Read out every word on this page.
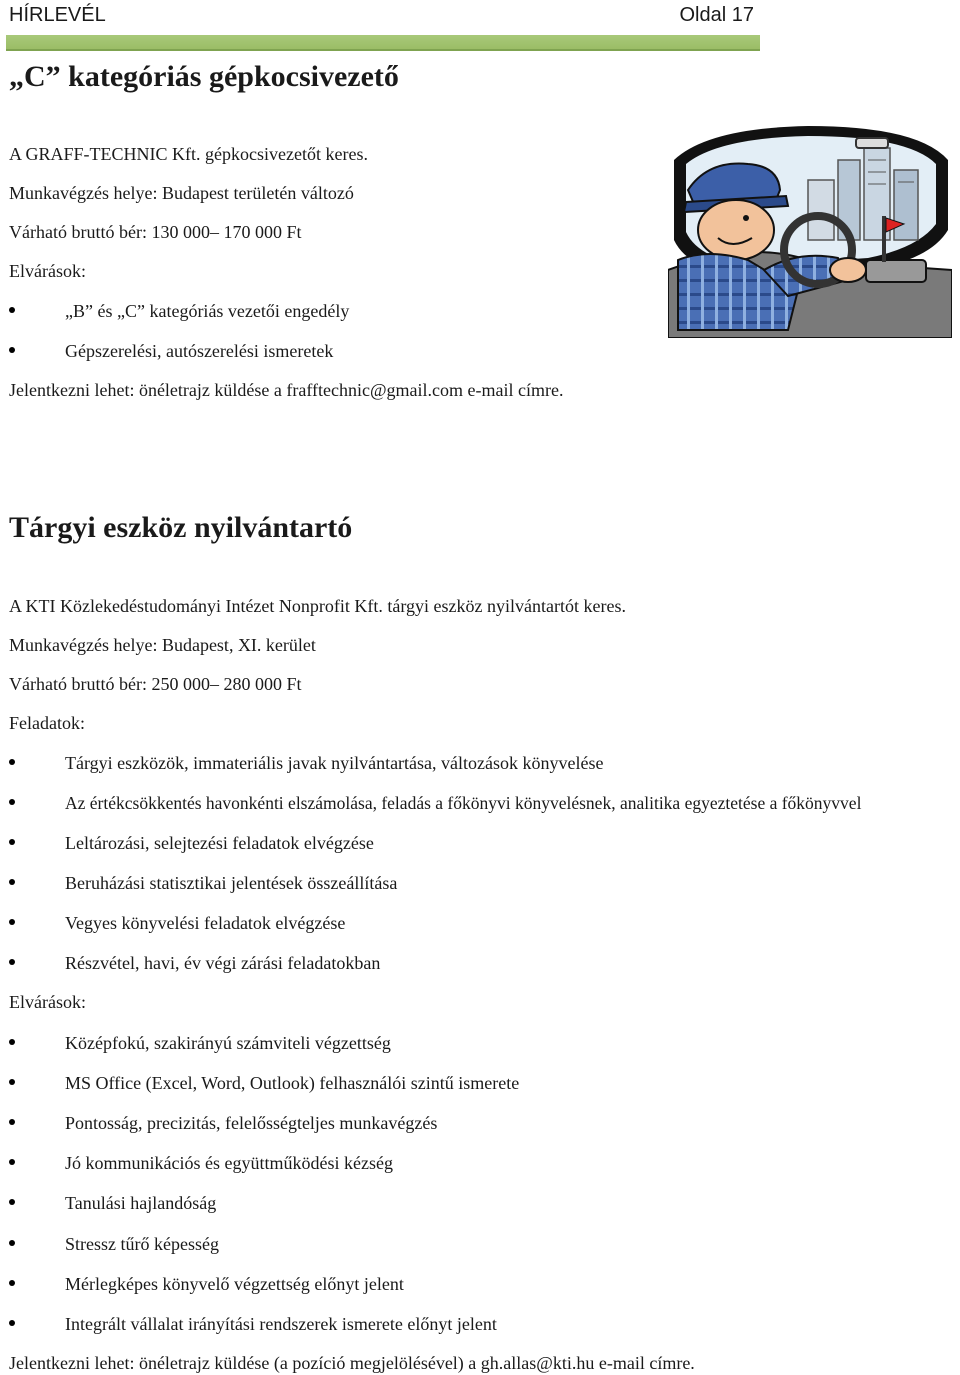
HÍRLEVÉL	Oldal 17
„C” kategóriás gépkocsivezető
A GRAFF-TECHNIC Kft. gépkocsivezetőt keres.
Munkavégzés helye: Budapest területén változó
Várható bruttó bér: 130 000– 170 000 Ft
Elvárások:
„B” és „C” kategóriás vezetői engedély
Gépszerelési, autószerelési ismeretek
Jelentkezni lehet: önéletrajz küldése a frafftechnic@gmail.com e-mail címre.
Tárgyi eszköz nyilvántartó
A KTI Közlekedéstudományi Intézet Nonprofit Kft. tárgyi eszköz nyilvántartót keres.
Munkavégzés helye: Budapest, XI. kerület
Várható bruttó bér: 250 000– 280 000 Ft
Feladatok:
Tárgyi eszközök, immateriális javak nyilvántartása, változások könyvelése
Az értékcsökkentés havonkénti elszámolása, feladás a főkönyvi könyvelésnek, analitika egyeztetése a főkönyvvel
Leltározási, selejtezési feladatok elvégzése
Beruházási statisztikai jelentések összeállítása
Vegyes könyvelési feladatok elvégzése
Részvétel, havi, év végi zárási feladatokban
Elvárások:
Középfokú, szakirányú számviteli végzettség
MS Office (Excel, Word, Outlook) felhasználói szintű ismerete
Pontosság, precizitás, felelősségteljes munkavégzés
Jó kommunikációs és együttműködési kézség
Tanulási hajlandóság
Stressz tűrő képesség
Mérlegképes könyvelő végzettség előnyt jelent
Integrált vállalat irányítási rendszerek ismerete előnyt jelent
Jelentkezni lehet: önéletrajz küldése (a pozíció megjelölésével) a gh.allas@kti.hu e-mail címre.
